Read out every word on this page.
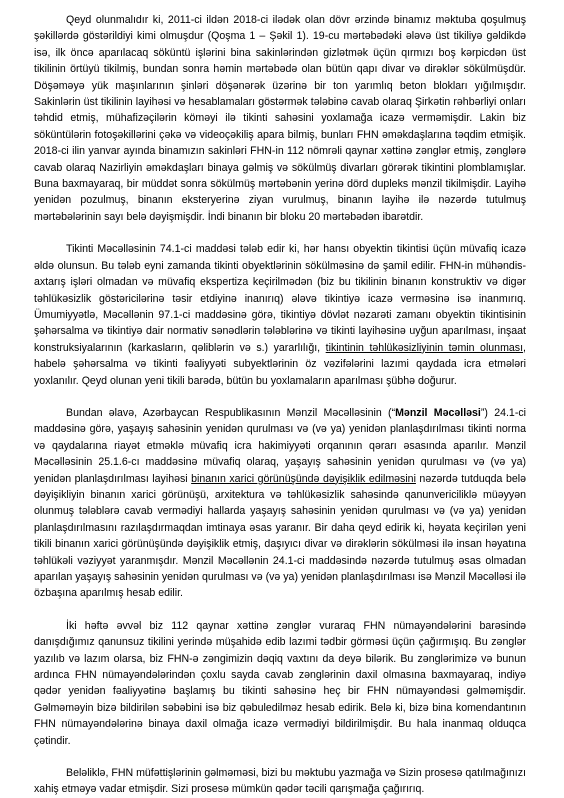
Qeyd olunmalıdır ki, 2011-ci ildən 2018-ci ilədək olan dövr ərzində binamız məktuba qoşulmuş şəkillərdə göstərildiyi kimi olmuşdur (Qoşma 1 – Şəkil 1). 19-cu mərtəbədəki ələvə üst tikiliyə gəldikdə isə, ilk öncə aparılacaq söküntü işlərini bina sakinlərindən gizlətmək üçün qırmızı boş kərpicdən üst tikilinin örtüyü tikilmiş, bundan sonra həmin mərtəbədə olan bütün qapı divar və dirəklər sökülmüşdür. Döşəməyə yük maşınlarının şinləri döşənərək üzərinə bir ton yarımlıq beton blokları yığılmışdır. Sakinlərin üst tikilinin layihəsi və hesablamaları göstərmək tələbinə cavab olaraq Şirkətin rəhbərliyi onları təhdid etmiş, mühafizəçilərin köməyi ilə tikinti sahəsini yoxlamağa icazə verməmişdir. Lakin biz söküntülərin fotoşəkillərini çəkə və videoçəkiliş apara bilmiş, bunları FHN əməkdaşlarına təqdim etmişik. 2018-ci ilin yanvar ayında binamızın sakinləri FHN-in 112 nömrəli qaynar xəttinə zənglər etmiş, zənglərə cavab olaraq Nazirliyin əməkdaşları binaya gəlmiş və sökülmüş divarları görərək tikintini plomblamışlar. Buna baxmayaraq, bir müddət sonra sökülmüş mərtəbənin yerinə dörd dupleks mənzil tikilmişdir. Layihə yenidən pozulmuş, binanın eksteryerinə ziyan vurulmuş, binanın layihə ilə nəzərdə tutulmuş mərtəbələrinin sayı belə dəyişmişdir. İndi binanın bir bloku 20 mərtəbədən ibarətdir.

Tikinti Məcəlləsinin 74.1-ci maddəsi tələb edir ki, hər hansı obyektin tikintisi üçün müvafiq icazə əldə olunsun. Bu tələb eyni zamanda tikinti obyektlərinin sökülməsinə də şamil edilir. FHN-in mühəndis-axtarış işləri olmadan və müvafiq ekspertiza keçirilmədən (biz bu tikilinin binanın konstruktiv və digər təhlükəsizlik göstəricilərinə təsir etdiyinə inanırıq) ələvə tikintiyə icazə verməsinə isə inanmırıq. Ümumiyyətlə, Məcəllənin 97.1-ci maddəsinə görə, tikintiyə dövlət nəzarəti zamanı obyektin tikintisinin şəhərsalma və tikintiyə dair normativ sənədlərin tələblərinə və tikinti layihəsinə uyğun aparılması, inşaat konstruksiyalarının (karkasların, qəliblərin və s.) yararlılığı, tikintinin təhlükəsizliyinin təmin olunması, habelə şəhərsalma və tikinti fəaliyyəti subyektlərinin öz vəzifələrini lazımi qaydada icra etmələri yoxlanılır. Qeyd olunan yeni tikili barədə, bütün bu yoxlamaların aparılması şübhə doğurur.

Bundan əlavə, Azərbaycan Respublikasının Mənzil Məcəlləsinin (“Mənzil Məcəlləsi”) 24.1-ci maddəsinə görə, yaşayış sahəsinin yenidən qurulması və (və ya) yenidən planlaşdırılması tikinti norma və qaydalarına riayət etməklə müvafiq icra hakimiyyəti orqanının qərarı əsasında aparılır. Mənzil Məcəlləsinin 25.1.6-cı maddəsinə müvafiq olaraq, yaşayış sahəsinin yenidən qurulması və (və ya) yenidən planlaşdırılması layihəsi binanın xarici görünüşündə dəyişiklik edilməsini nəzərdə tutduqda belə dəyişikliyin binanın xarici görünüşü, arxitektura və təhlükəsizlik sahəsində qanunvericiliklə müəyyən olunmuş tələblərə cavab vermədiyi hallarda yaşayış sahəsinin yenidən qurulması və (və ya) yenidən planlaşdırılmasını razılaşdırmaqdan imtinaya əsas yaranır. Bir daha qeyd edirik ki, həyata keçirilən yeni tikili binanın xarici görünüşündə dəyişiklik etmiş, daşıyıcı divar və dirəklərin sökülməsi ilə insan həyatına təhlükəli vəziyyət yaranmışdır. Mənzil Məcəllənin 24.1-ci maddəsində nəzərdə tutulmuş əsas olmadan aparılan yaşayış sahəsinin yenidən qurulması və (və ya) yenidən planlaşdırılması isə Mənzil Məcəlləsi ilə özbaşına aparılmış hesab edilir.

İki həftə əvvəl biz 112 qaynar xəttinə zənglər vuraraq FHN nümayəndələrini barəsində danışdığımız qanunsuz tikilini yerində müşahidə edib lazımi tədbir görməsi üçün çağırmışıq. Bu zənglər yazılıb və lazım olarsa, biz FHN-ə zəngimizin dəqiq vaxtını da deyə bilərik. Bu zənglərimizə və bunun ardınca FHN nümayəndələrindən çoxlu sayda cavab zənglərinin daxil olmasına baxmayaraq, indiyə qədər yenidən fəaliyyətinə başlamış bu tikinti sahəsinə heç bir FHN nümayəndəsi gəlməmişdir. Gəlməməyin bizə bildirilən səbəbini isə biz qəbuledilməz hesab edirik. Belə ki, bizə bina komendantının FHN nümayəndələrinə binaya daxil olmağa icazə vermədiyi bildirilmişdir. Bu hala inanmaq olduqca çətindir.

Beləliklə, FHN müfəttişlərinin gəlməməsi, bizi bu məktubu yazmağa və Sizin prosesə qatılmağınızı xahiş etməyə vadar etmişdir. Sizi prosesə mümkün qədər təcili qarışmağa çağırırıq.
